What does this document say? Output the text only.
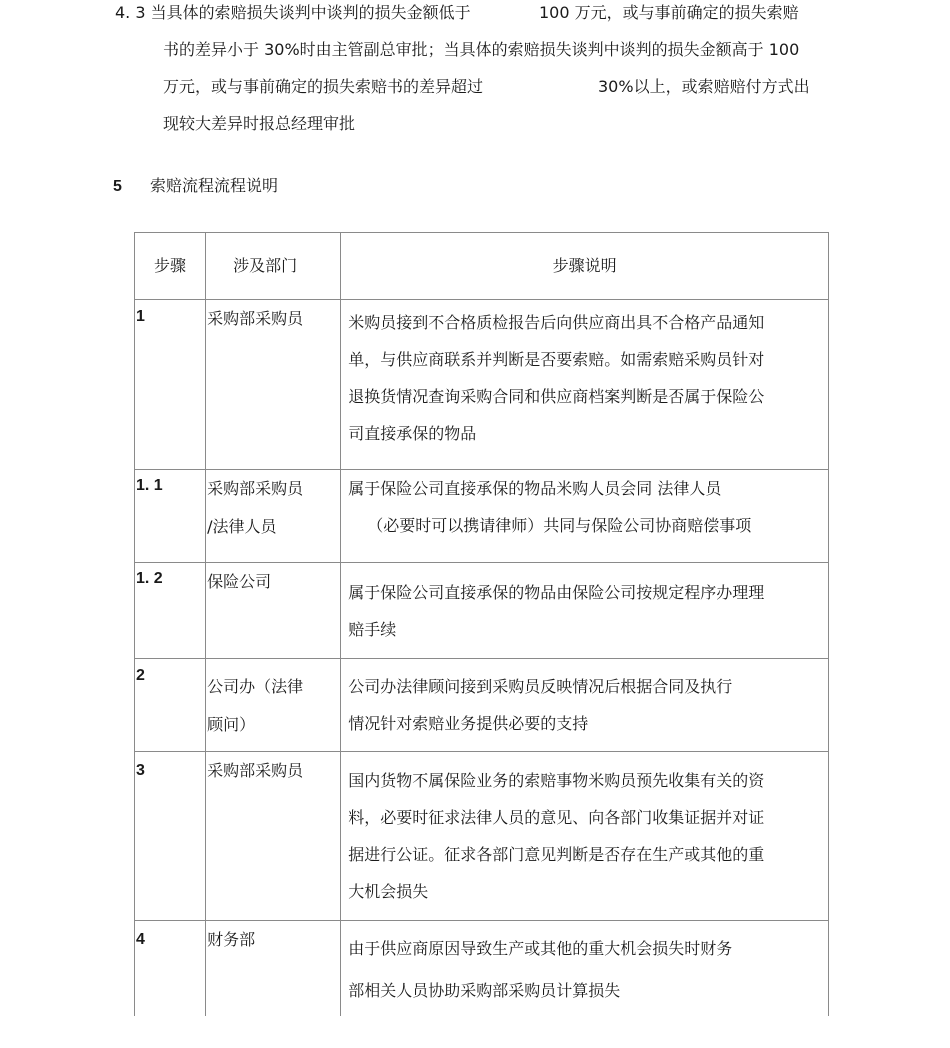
4. 3 当具体的索赔损失谈判中谈判的损失金额低于	100 万元，或与事前确定的损失索赔
书的差异小于 30%时由主管副总审批；当具体的索赔损失谈判中谈判的损失金额高于 100
万元，或与事前确定的损失索赔书的差异超过	30%以上，或索赔赔付方式出
现较大差异时报总经理审批
5 索赔流程流程说明
步骤	涉及部门	步骤说明

1	采购部采购员	米购员接到不合格质检报告后向供应商出具不合格产品通知
单，与供应商联系并判断是否要索赔。如需索赔采购员针对
退换货情况查询采购合同和供应商档案判断是否属于保险公
司直接承保的物品

1. 1	采购部采购员
/法律人员	属于保险公司直接承保的物品米购人员会同 法律人员
（必要时可以携请律师）共同与保险公司协商赔偿事项

1. 2	保险公司	属于保险公司直接承保的物品由保险公司按规定程序办理理
赔手续

2	公司办（法律
顾问）	公司办法律顾问接到采购员反映情况后根据合同及执行
情况针对索赔业务提供必要的支持

3	采购部采购员	国内货物不属保险业务的索赔事物米购员预先收集有关的资
料，必要时征求法律人员的意见、向各部门收集证据并对证
据进行公证。征求各部门意见判断是否存在生产或其他的重
大机会损失

4	财务部	由于供应商原因导致生产或其他的重大机会损失时财务
部相关人员协助采购部采购员计算损失
